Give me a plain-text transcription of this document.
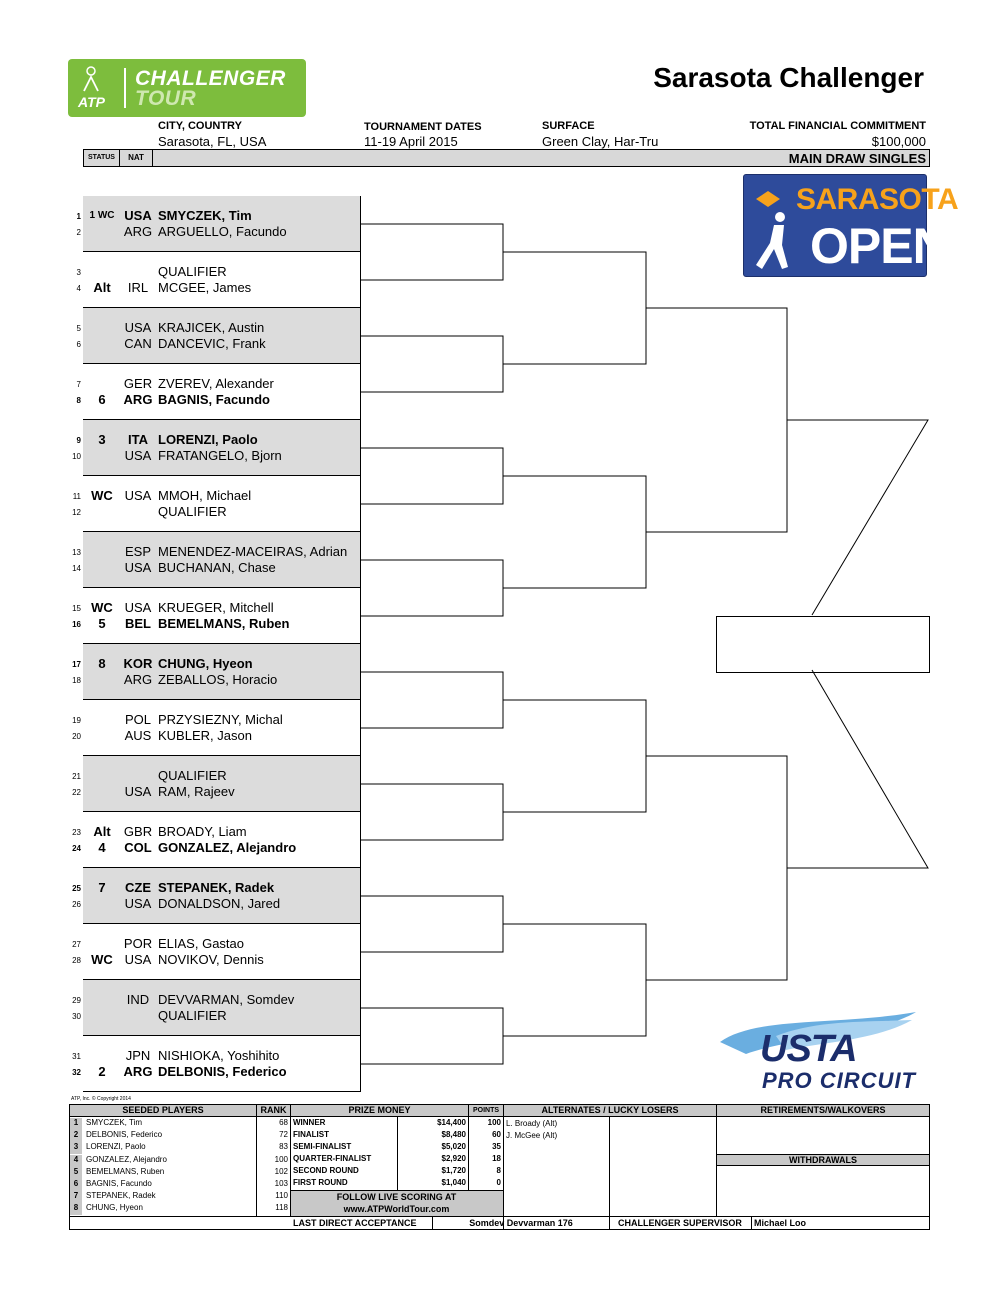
ATP
CHALLENGER
TOUR
Sarasota Challenger
CITY, COUNTRY
Sarasota, FL, USA
TOURNAMENT DATES
11-19 April 2015
SURFACE
Green Clay, Har-Tru
TOTAL FINANCIAL COMMITMENT
$100,000
STATUS	NAT	MAIN DRAW SINGLES
1 1 WC USA SMYCZEK, Tim
2	ARG ARGUELLO, Facundo
3	QUALIFIER
4 Alt	IRL MCGEE, James
5	USA KRAJICEK, Austin
6	CAN DANCEVIC, Frank
7	GER ZVEREV, Alexander
8	6	ARG BAGNIS, Facundo
9	3	ITA LORENZI, Paolo
10	USA FRATANGELO, Bjorn
11 WC USA MMOH, Michael
12	QUALIFIER
13	ESP MENENDEZ-MACEIRAS, Adrian
14	USA BUCHANAN, Chase
15 WC USA KRUEGER, Mitchell
16	5	BEL BEMELMANS, Ruben
17	8	KOR CHUNG, Hyeon
18	ARG ZEBALLOS, Horacio
19	POL PRZYSIEZNY, Michal
20	AUS KUBLER, Jason
21	QUALIFIER
22	USA RAM, Rajeev
23 Alt	GBR BROADY, Liam
24	4	COL GONZALEZ, Alejandro
25	7	CZE STEPANEK, Radek
26	USA DONALDSON, Jared
27	POR ELIAS, Gastao
28 WC USA NOVIKOV, Dennis
29	IND DEVVARMAN, Somdev
30	QUALIFIER
31	JPN NISHIOKA, Yoshihito
32	2	ARG DELBONIS, Federico
SARASOTA
OPEN
USTA
PRO CIRCUIT
ATP, Inc. © Copyright 2014
SEEDED PLAYERS	RANK	PRIZE MONEY	POINTS	ALTERNATES / LUCKY LOSERS	RETIREMENTS/WALKOVERS
FOLLOW LIVE SCORING AT
www.ATPWorldTour.com
WITHDRAWALS
LAST DIRECT ACCEPTANCE	Somdev Devvarman 176	CHALLENGER SUPERVISOR Michael Loo
1 SMYCZEK, Tim	68
2 DELBONIS, Federico	72
3 LORENZI, Paolo	83
4 GONZALEZ, Alejandro	100
5 BEMELMANS, Ruben	102
6 BAGNIS, Facundo	103
7 STEPANEK, Radek	110
8 CHUNG, Hyeon	118
WINNER	$14,400	100
FINALIST	$8,480	60
SEMI-FINALIST	$5,020	35
QUARTER-FINALIST	$2,920	18
SECOND ROUND	$1,720	8
FIRST ROUND	$1,040	0
L. Broady (Alt)
J. McGee (Alt)
